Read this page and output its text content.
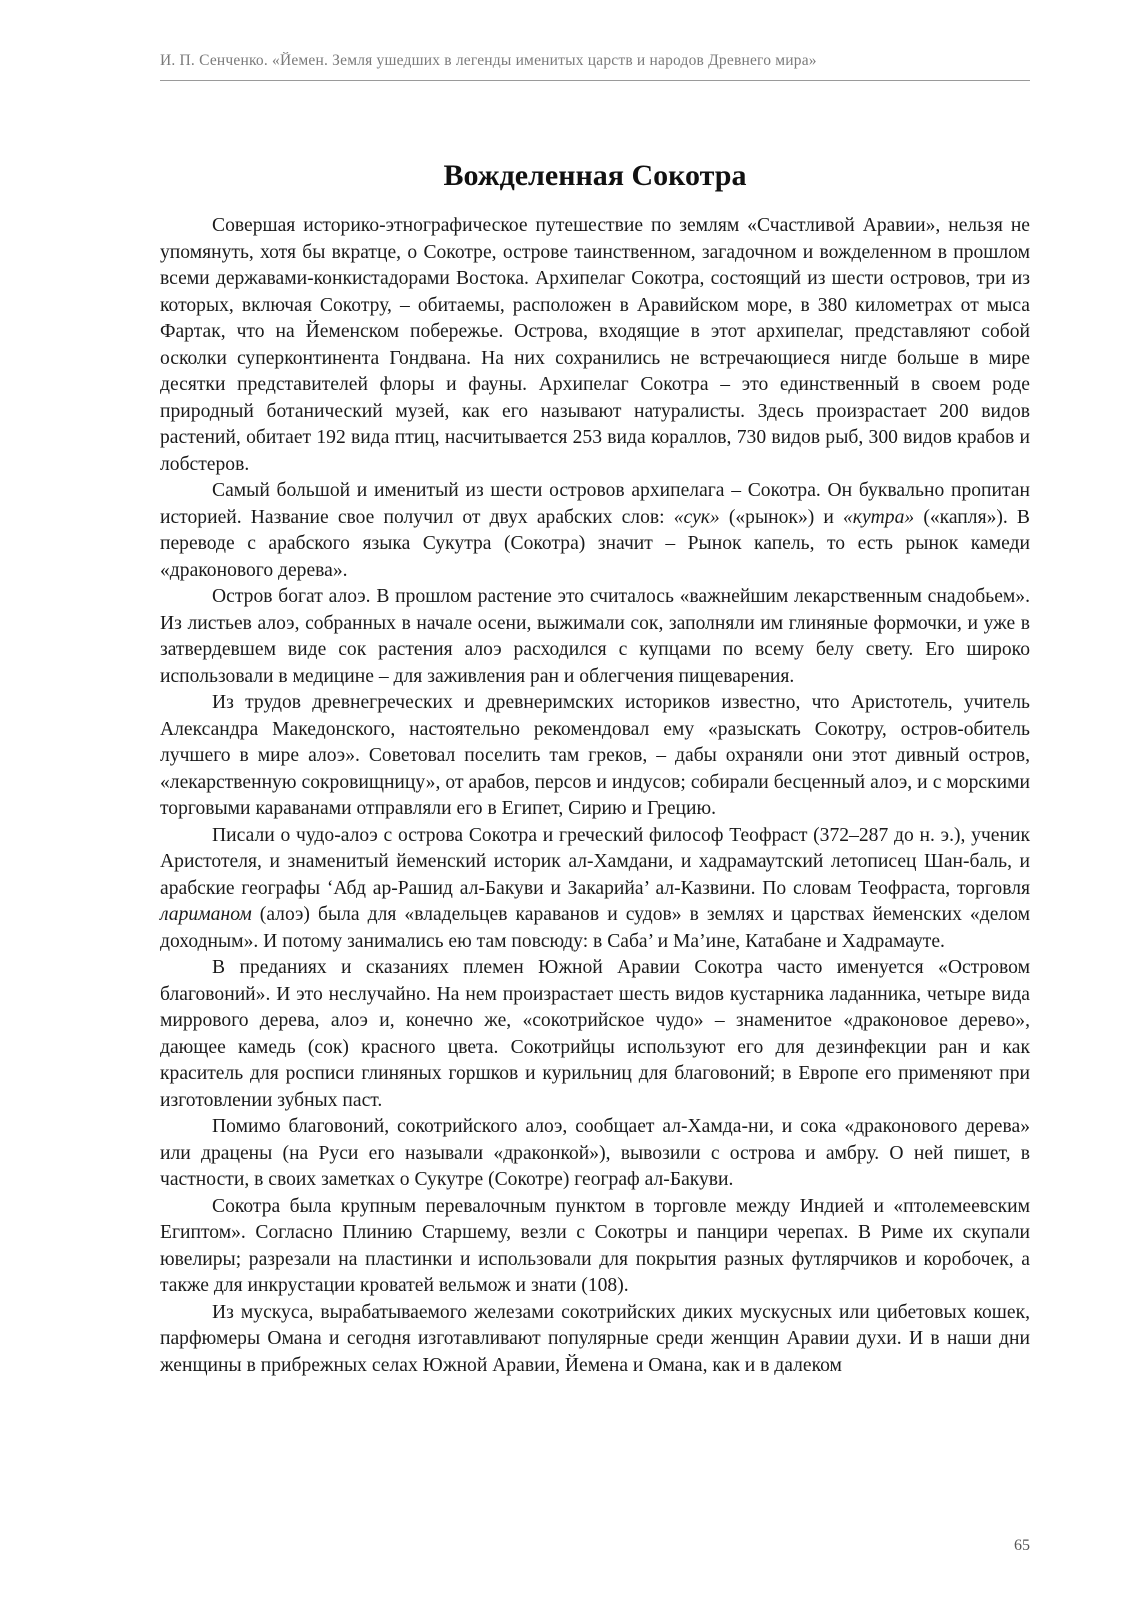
И. П. Сенченко. «Йемен. Земля ушедших в легенды именитых царств и народов Древнего мира»
Вожделенная Сокотра

Совершая историко-этнографическое путешествие по землям «Счастливой Аравии», нельзя не упомянуть, хотя бы вкратце, о Сокотре, острове таинственном, загадочном и вожделенном в прошлом всеми державами-конкистадорами Востока. Архипелаг Сокотра, состоящий из шести островов, три из которых, включая Сокотру, – обитаемы, расположен в Аравийском море, в 380 километрах от мыса Фартак, что на Йеменском побережье. Острова, входящие в этот архипелаг, представляют собой осколки суперконтинента Гондвана. На них сохранились не встречающиеся нигде больше в мире десятки представителей флоры и фауны. Архипелаг Сокотра – это единственный в своем роде природный ботанический музей, как его называют натуралисты. Здесь произрастает 200 видов растений, обитает 192 вида птиц, насчитывается 253 вида кораллов, 730 видов рыб, 300 видов крабов и лобстеров.

Самый большой и именитый из шести островов архипелага – Сокотра. Он буквально пропитан историей. Название свое получил от двух арабских слов: «сук» («рынок») и «кутра» («капля»). В переводе с арабского языка Сукутра (Сокотра) значит – Рынок капель, то есть рынок камеди «драконового дерева».

Остров богат алоэ. В прошлом растение это считалось «важнейшим лекарственным снадобьем». Из листьев алоэ, собранных в начале осени, выжимали сок, заполняли им глиняные формочки, и уже в затвердевшем виде сок растения алоэ расходился с купцами по всему белу свету. Его широко использовали в медицине – для заживления ран и облегчения пищеварения.

Из трудов древнегреческих и древнеримских историков известно, что Аристотель, учитель Александра Македонского, настоятельно рекомендовал ему «разыскать Сокотру, остров-обитель лучшего в мире алоэ». Советовал поселить там греков, – дабы охраняли они этот дивный остров, «лекарственную сокровищницу», от арабов, персов и индусов; собирали бесценный алоэ, и с морскими торговыми караванами отправляли его в Египет, Сирию и Грецию.

Писали о чудо-алоэ с острова Сокотра и греческий философ Теофраст (372–287 до н. э.), ученик Аристотеля, и знаменитый йеменский историк ал-Хамдани, и хадрамаутский летописец Шан-баль, и арабские географы ‘Абд ар-Рашид ал-Бакуви и Закарийа’ ал-Казвини. По словам Теофраста, торговля лариманом (алоэ) была для «владельцев караванов и судов» в землях и царствах йеменских «делом доходным». И потому занимались ею там повсюду: в Саба’ и Ма’ине, Катабане и Хадрамауте.

В преданиях и сказаниях племен Южной Аравии Сокотра часто именуется «Островом благовоний». И это неслучайно. На нем произрастает шесть видов кустарника ладанника, четыре вида миррового дерева, алоэ и, конечно же, «сокотрийское чудо» – знаменитое «драконовое дерево», дающее камедь (сок) красного цвета. Сокотрийцы используют его для дезинфекции ран и как краситель для росписи глиняных горшков и курильниц для благовоний; в Европе его применяют при изготовлении зубных паст.

Помимо благовоний, сокотрийского алоэ, сообщает ал-Хамда-ни, и сока «драконового дерева» или драцены (на Руси его называли «драконкой»), вывозили с острова и амбру. О ней пишет, в частности, в своих заметках о Сукутре (Сокотре) географ ал-Бакуви.

Сокотра была крупным перевалочным пунктом в торговле между Индией и «птолемеевским Египтом». Согласно Плинию Старшему, везли с Сокотры и панцири черепах. В Риме их скупали ювелиры; разрезали на пластинки и использовали для покрытия разных футлярчиков и коробочек, а также для инкрустации кроватей вельмож и знати (108).

Из мускуса, вырабатываемого железами сокотрийских диких мускусных или цибетовых кошек, парфюмеры Омана и сегодня изготавливают популярные среди женщин Аравии духи. И в наши дни женщины в прибрежных селах Южной Аравии, Йемена и Омана, как и в далеком

65
